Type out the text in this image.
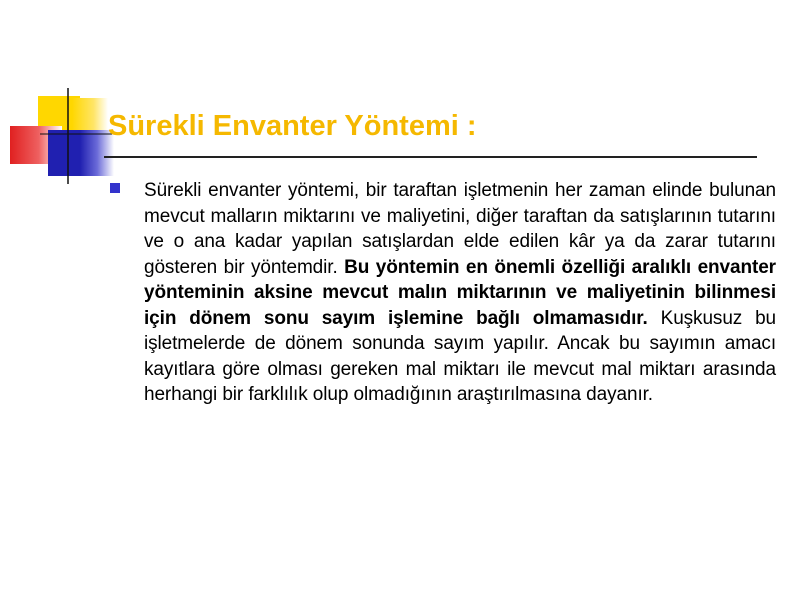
Sürekli Envanter Yöntemi :

Sürekli envanter yöntemi, bir taraftan işletmenin her zaman elinde bulunan mevcut malların miktarını ve maliyetini, diğer taraftan da satışlarının tutarını ve o ana kadar yapılan satışlardan elde edilen kâr ya da zarar tutarını gösteren bir yöntemdir. Bu yöntemin en önemli özelliği aralıklı envanter yönteminin aksine mevcut malın miktarının ve maliyetinin bilinmesi için dönem sonu sayım işlemine bağlı olmamasıdır. Kuşkusuz bu işletmelerde de dönem sonunda sayım yapılır. Ancak bu sayımın amacı kayıtlara göre olması gereken mal miktarı ile mevcut mal miktarı arasında herhangi bir farklılık olup olmadığının araştırılmasına dayanır.
